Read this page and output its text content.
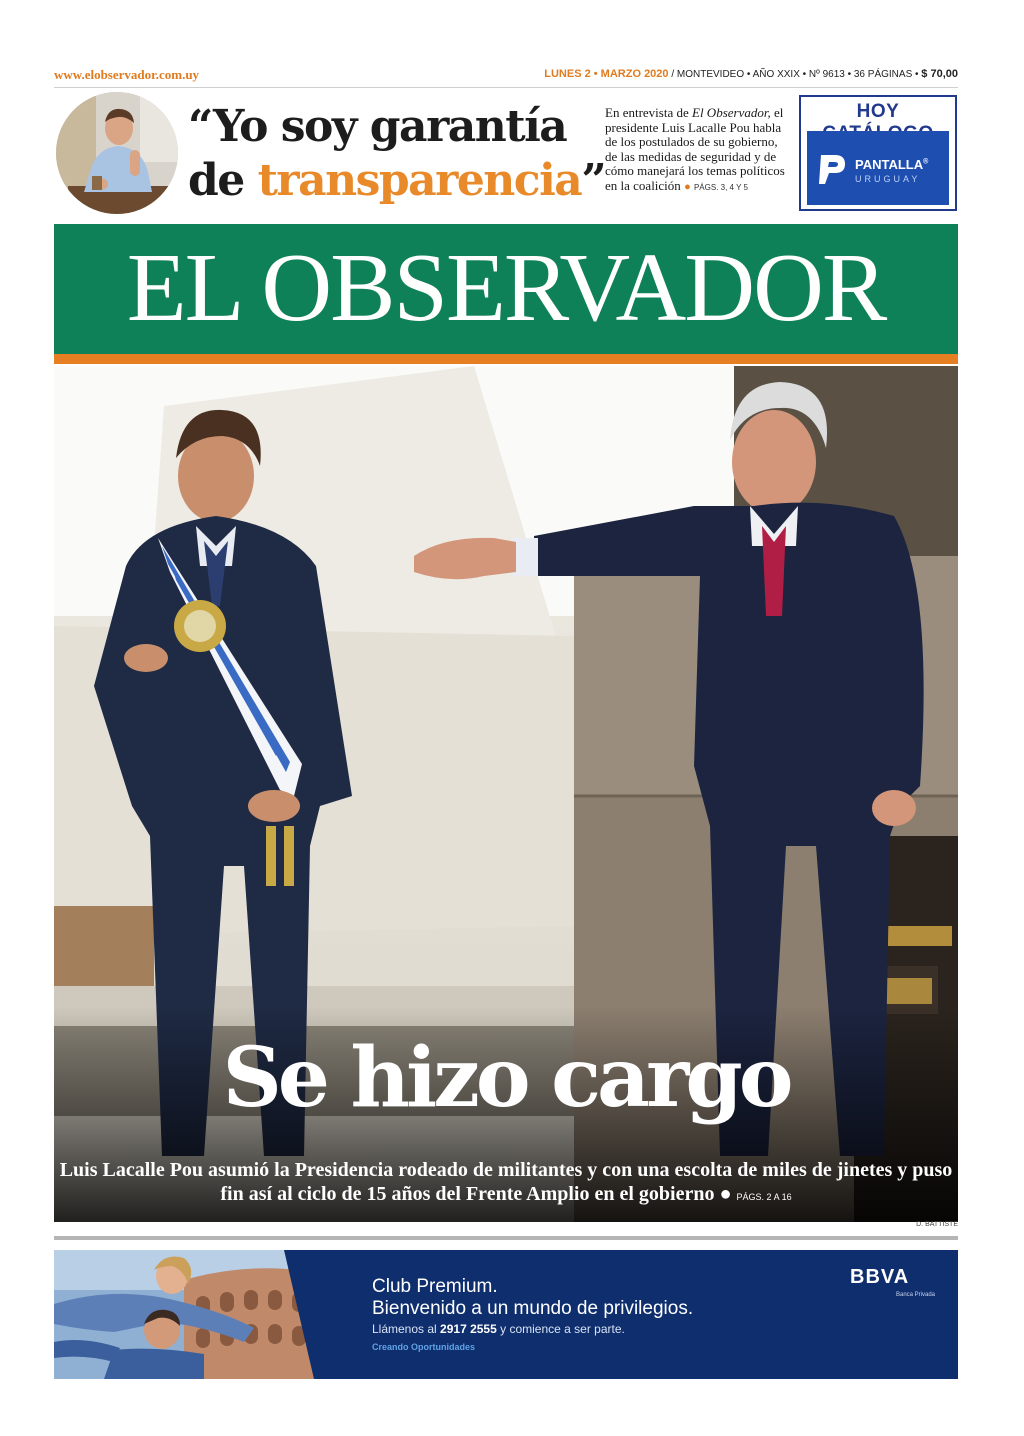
www.elobservador.com.uy	LUNES 2 • MARZO 2020 / MONTEVIDEO • AÑO XXIX • Nº 9613 • 36 PÁGINAS • $ 70,00
“Yo soy garantía
de transparencia”
En entrevista de El Observador, el presidente Luis Lacalle Pou habla de los postulados de su gobierno, de las medidas de seguridad y de cómo manejará los temas políticos en la coalición ● PÁGS. 3, 4 Y 5
HOY
PANTALLA®
URUGUAY
EL OBSERVADOR
Se hizo cargo
Luis Lacalle Pou asumió la Presidencia rodeado de militantes y con una escolta de miles de jinetes y puso fin así al ciclo de 15 años del Frente Amplio en el gobierno ● PÁGS. 2 A 16
D. BATTISTE
Club Premium.
Bienvenido a un mundo de privilegios.
Llámenos al 2917 2555 y comience a ser parte.
Creando Oportunidades
BBVA
Banca Privada
